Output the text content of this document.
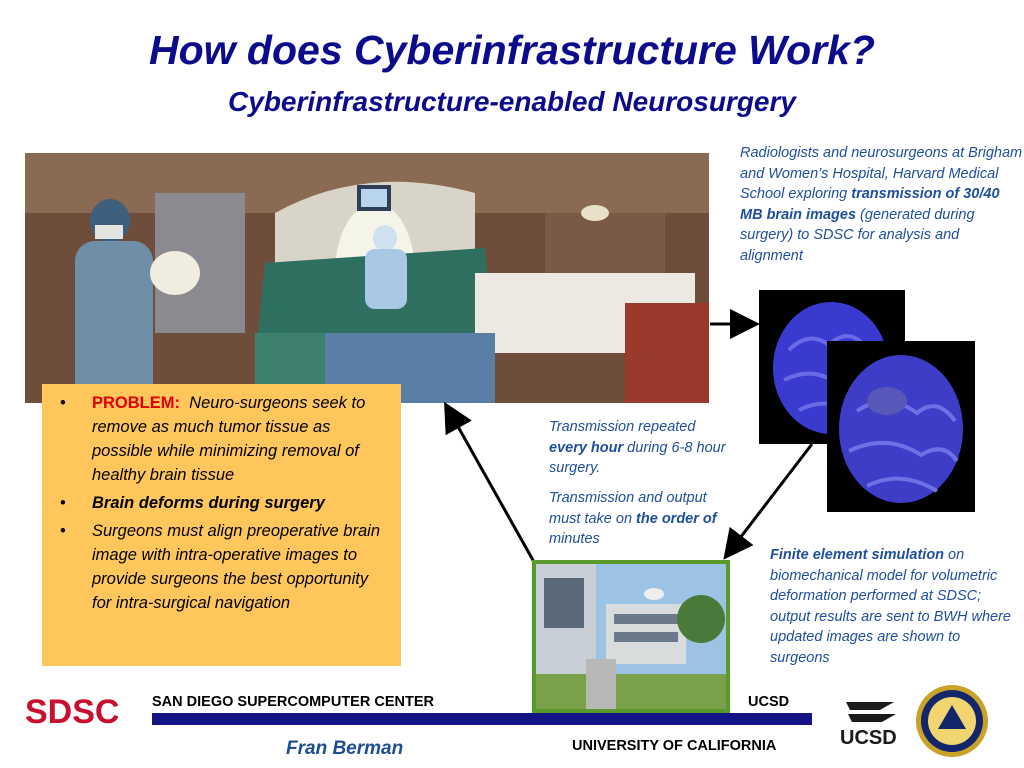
How does Cyberinfrastructure Work?
Cyberinfrastructure-enabled Neurosurgery
Radiologists and neurosurgeons at Brigham and Women’s Hospital, Harvard Medical School exploring transmission of 30/40 MB brain images (generated during surgery) to SDSC for analysis and alignment
• PROBLEM: Neuro-surgeons seek to remove as much tumor tissue as possible while minimizing removal of healthy brain tissue
• Brain deforms during surgery
• Surgeons must align preoperative brain image with intra-operative images to provide surgeons the best opportunity for intra-surgical navigation
Transmission repeated every hour during 6-8 hour surgery.
Transmission and output must take on the order of minutes
Finite element simulation on biomechanical model for volumetric deformation performed at SDSC; output results are sent to BWH where updated images are shown to surgeons
SDSC SAN DIEGO SUPERCOMPUTER CENTER	UCSD
Fran Berman	UNIVERSITY OF CALIFORNIA	UCSD
